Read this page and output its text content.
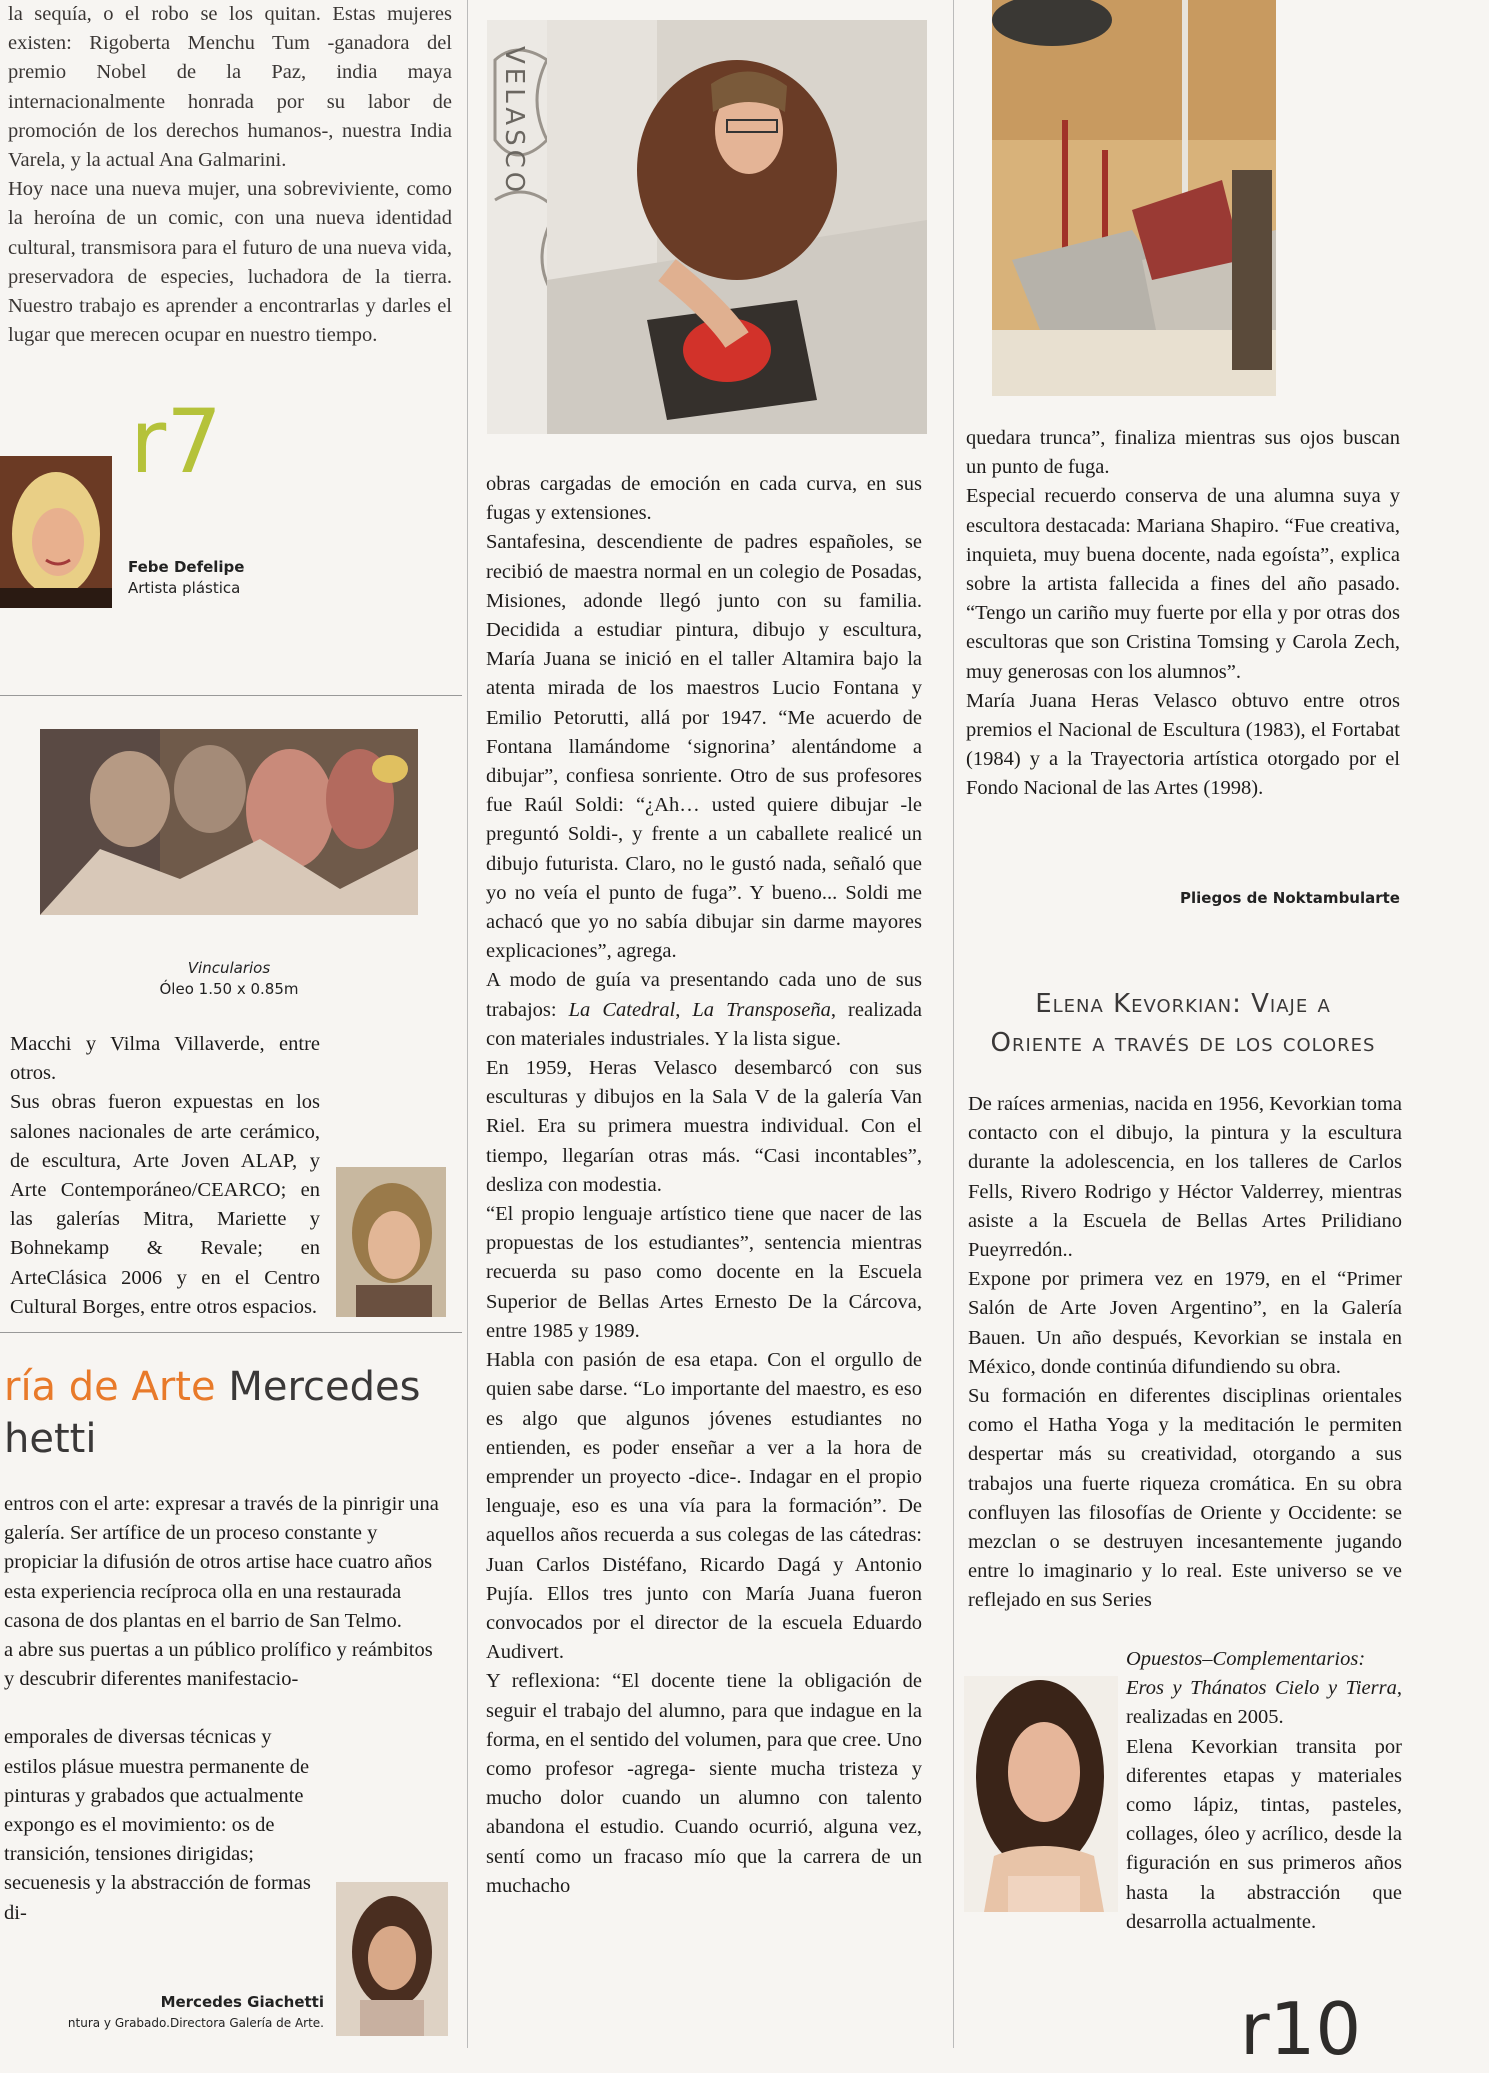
la sequía, o el robo se los quitan. Estas mujeres existen: Rigoberta Menchu Tum -ganadora del premio Nobel de la Paz, india maya internacionalmente honrada por su labor de promoción de los derechos humanos-, nuestra India Varela, y la actual Ana Galmarini.

Hoy nace una nueva mujer, una sobreviviente, como la heroína de un comic, con una nueva identidad cultural, transmisora para el futuro de una nueva vida, preservadora de especies, luchadora de la tierra. Nuestro trabajo es aprender a encontrarlas y darles el lugar que merecen ocupar en nuestro tiempo.

r7
Febe Defelipe
Artista plástica
Vincularios
Óleo 1.50 x 0.85m

Macchi y Vilma Villaverde, entre otros.

Sus obras fueron expuestas en los salones nacionales de arte cerámico, de escultura, Arte Joven ALAP, y Arte Contemporáneo/CEARCO; en las galerías Mitra, Mariette y Bohnekamp & Revale; en ArteClásica 2006 y en el Centro Cultural Borges, entre otros espacios.

ría de Arte Mercedes
hetti

entros con el arte: expresar a través de la pinrigir una galería. Ser artífice de un proceso constante y propiciar la difusión de otros artise hace cuatro años esta experiencia recíproca olla en una restaurada casona de dos plantas en el barrio de San Telmo.

a abre sus puertas a un público prolífico y reámbitos y descubrir diferentes manifestacio-

emporales de diversas técnicas y estilos plásue muestra permanente de pinturas y grabados que actualmente expongo es el movimiento: os de transición, tensiones dirigidas; secuenesis y la abstracción de formas di-

Mercedes Giachetti
ntura y Grabado.Directora Galería de Arte.
VELASCO

obras cargadas de emoción en cada curva, en sus fugas y extensiones.

Santafesina, descendiente de padres españoles, se recibió de maestra normal en un colegio de Posadas, Misiones, adonde llegó junto con su familia. Decidida a estudiar pintura, dibujo y escultura, María Juana se inició en el taller Altamira bajo la atenta mirada de los maestros Lucio Fontana y Emilio Petorutti, allá por 1947. “Me acuerdo de Fontana llamándome ‘signorina’ alentándome a dibujar”, confiesa sonriente. Otro de sus profesores fue Raúl Soldi: “¿Ah… usted quiere dibujar -le preguntó Soldi-, y frente a un caballete realicé un dibujo futurista. Claro, no le gustó nada, señaló que yo no veía el punto de fuga”. Y bueno... Soldi me achacó que yo no sabía dibujar sin darme mayores explicaciones”, agrega.

A modo de guía va presentando cada uno de sus trabajos: La Catedral, La Transposeña, realizada con materiales industriales. Y la lista sigue.

En 1959, Heras Velasco desembarcó con sus esculturas y dibujos en la Sala V de la galería Van Riel. Era su primera muestra individual. Con el tiempo, llegarían otras más. “Casi incontables”, desliza con modestia.

“El propio lenguaje artístico tiene que nacer de las propuestas de los estudiantes”, sentencia mientras recuerda su paso como docente en la Escuela Superior de Bellas Artes Ernesto De la Cárcova, entre 1985 y 1989.

Habla con pasión de esa etapa. Con el orgullo de quien sabe darse. “Lo importante del maestro, es eso es algo que algunos jóvenes estudiantes no entienden, es poder enseñar a ver a la hora de emprender un proyecto -dice-. Indagar en el propio lenguaje, eso es una vía para la formación”. De aquellos años recuerda a sus colegas de las cátedras: Juan Carlos Distéfano, Ricardo Dagá y Antonio Pujía. Ellos tres junto con María Juana fueron convocados por el director de la escuela Eduardo Audivert.

Y reflexiona: “El docente tiene la obligación de seguir el trabajo del alumno, para que indague en la forma, en el sentido del volumen, para que cree. Uno como profesor -agrega- siente mucha tristeza y mucho dolor cuando un alumno con talento abandona el estudio. Cuando ocurrió, alguna vez, sentí como un fracaso mío que la carrera de un muchacho

quedara trunca”, finaliza mientras sus ojos buscan un punto de fuga.

Especial recuerdo conserva de una alumna suya y escultora destacada: Mariana Shapiro. “Fue creativa, inquieta, muy buena docente, nada egoísta”, explica sobre la artista fallecida a fines del año pasado. “Tengo un cariño muy fuerte por ella y por otras dos escultoras que son Cristina Tomsing y Carola Zech, muy generosas con los alumnos”.

María Juana Heras Velasco obtuvo entre otros premios el Nacional de Escultura (1983), el Fortabat (1984) y a la Trayectoria artística otorgado por el Fondo Nacional de las Artes (1998).

Pliegos de Noktambularte
Elena Kevorkian: Viaje a
Oriente a través de los colores

De raíces armenias, nacida en 1956, Kevorkian toma contacto con el dibujo, la pintura y la escultura durante la adolescencia, en los talleres de Carlos Fells, Rivero Rodrigo y Héctor Valderrey, mientras asiste a la Escuela de Bellas Artes Prilidiano Pueyrredón..

Expone por primera vez en 1979, en el “Primer Salón de Arte Joven Argentino”, en la Galería Bauen. Un año después, Kevorkian se instala en México, donde continúa difundiendo su obra.

Su formación en diferentes disciplinas orientales como el Hatha Yoga y la meditación le permiten despertar más su creatividad, otorgando a sus trabajos una fuerte riqueza cromática. En su obra confluyen las filosofías de Oriente y Occidente: se mezclan o se destruyen incesantemente jugando entre lo imaginario y lo real. Este universo se ve reflejado en sus Series

Opuestos–Complementarios: Eros y Thánatos Cielo y Tierra, realizadas en 2005.

Elena Kevorkian transita por diferentes etapas y materiales como lápiz, tintas, pasteles, collages, óleo y acrílico, desde la figuración en sus primeros años hasta la abstracción que desarrolla actualmente.

r10
